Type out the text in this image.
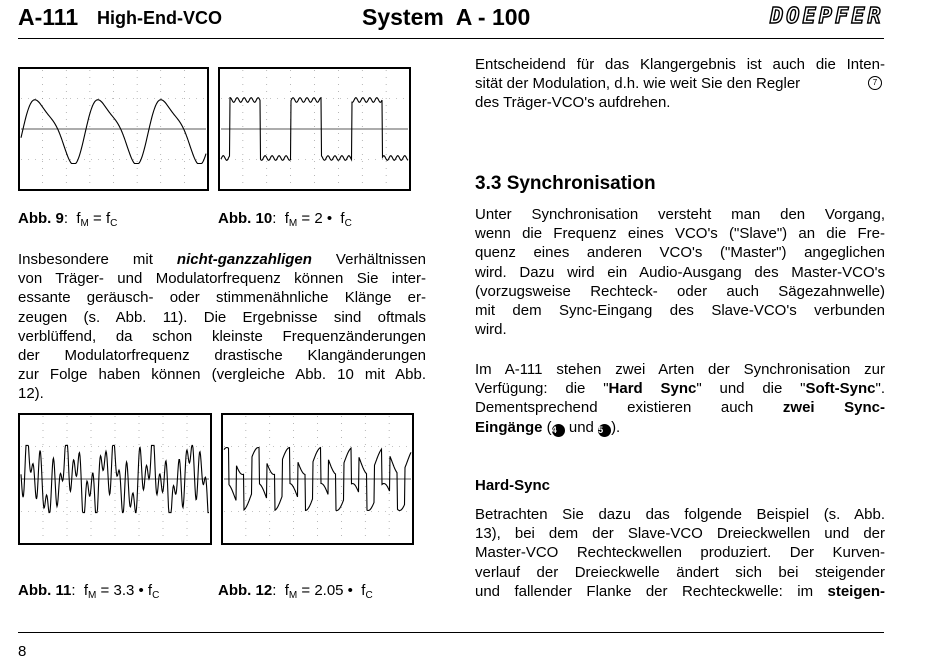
A-111 High-End-VCO	System  A - 100	DOEPFER
Abb. 9: $f_M = f_C$	Abb. 10: $f_M = 2$ •  $f_C$
Insbesondere mit nicht-ganzzahligen Verhältnissen
von Träger- und Modulatorfrequenz können Sie inter-
essante geräusch- oder stimmenähnliche Klänge er-
zeugen (s. Abb. 11). Die Ergebnisse sind oftmals
verblüffend, da schon kleinste Frequenzänderungen
der Modulatorfrequenz drastische Klangänderungen
zur Folge haben können (vergleiche Abb. 10 mit Abb.
12).
Abb. 11: $f_M = 3.3$ • $f_C$	Abb. 12: $f_M = 2.05$ •  $f_C$
Entscheidend für das Klangergebnis ist auch die Inten-
sität der Modulation, d.h. wie weit Sie den Regler
des Träger-VCO's aufdrehen.
7
3.3 Synchronisation
Unter Synchronisation versteht man den Vorgang,
wenn die Frequenz eines VCO's ("Slave") an die Fre-
quenz eines anderen VCO's ("Master") angeglichen
wird. Dazu wird ein Audio-Ausgang des Master-VCO's
(vorzugsweise Rechteck- oder auch Sägezahnwelle)
mit dem Sync-Eingang des Slave-VCO's verbunden
wird.
Im A-111 stehen zwei Arten der Synchronisation zur
Verfügung: die "Hard Sync" und die "Soft-Sync".
Dementsprechend existieren auch zwei Sync-
Eingänge (4 und 5 ).
Hard-Sync
Betrachten Sie dazu das folgende Beispiel (s. Abb.
13), bei dem der Slave-VCO Dreieckwellen und der
Master-VCO Rechteckwellen produziert. Der Kurven-
verlauf der Dreieckwelle ändert sich bei steigender
und fallender Flanke der Rechteckwelle: im steigen-
8
